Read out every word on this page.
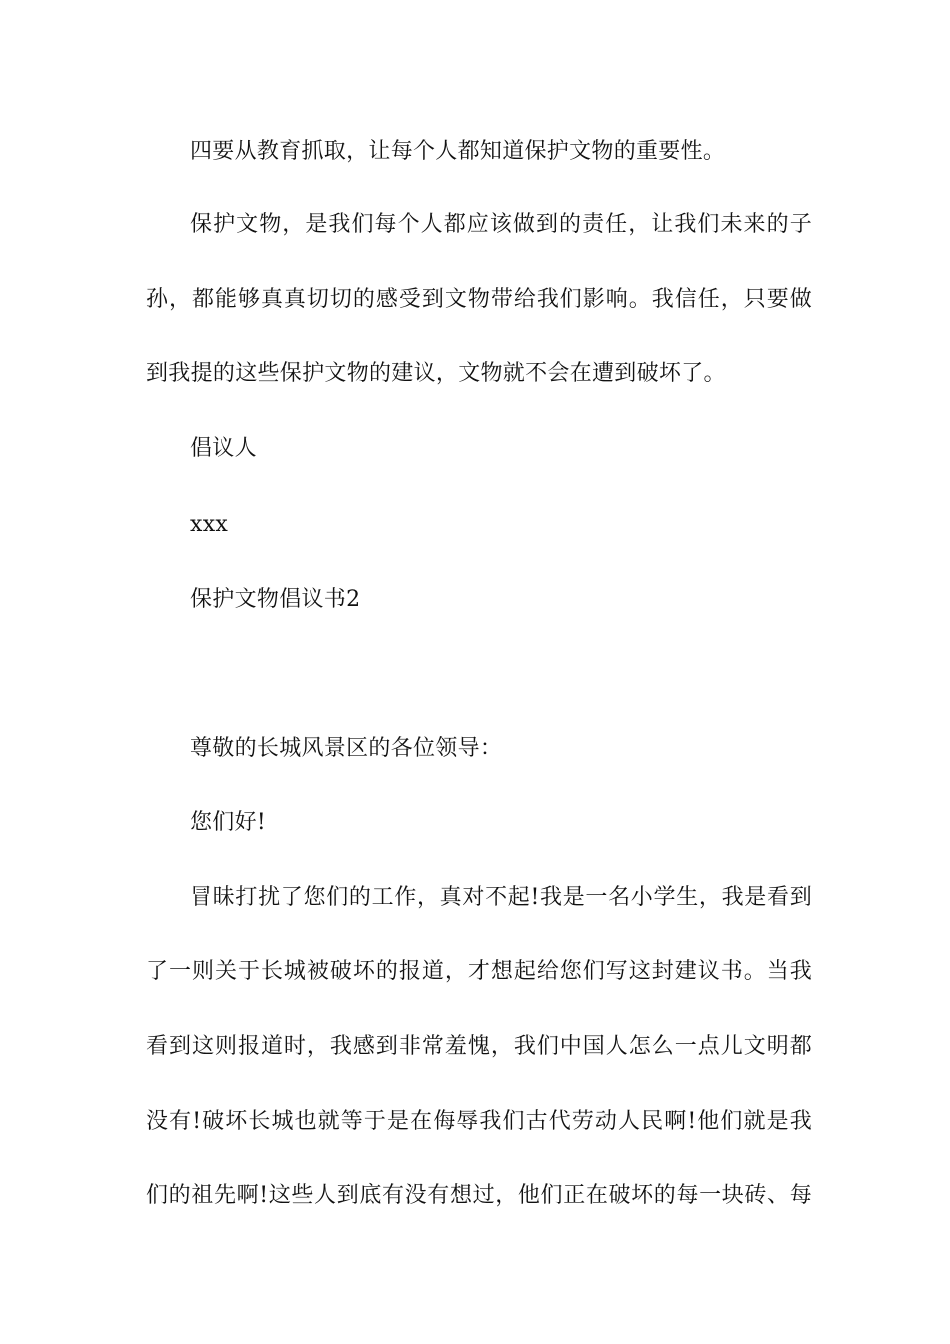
四要从教育抓取，让每个人都知道保护文物的重要性。
保护文物，是我们每个人都应该做到的责任，让我们未来的子
孙，都能够真真切切的感受到文物带给我们影响。我信任，只要做
到我提的这些保护文物的建议，文物就不会在遭到破坏了。
倡议人
xxx
保护文物倡议书2
尊敬的长城风景区的各位领导：
您们好!
冒昧打扰了您们的工作，真对不起!我是一名小学生，我是看到
了一则关于长城被破坏的报道，才想起给您们写这封建议书。当我
看到这则报道时，我感到非常羞愧，我们中国人怎么一点儿文明都
没有!破坏长城也就等于是在侮辱我们古代劳动人民啊!他们就是我
们的祖先啊!这些人到底有没有想过，他们正在破坏的每一块砖、每
